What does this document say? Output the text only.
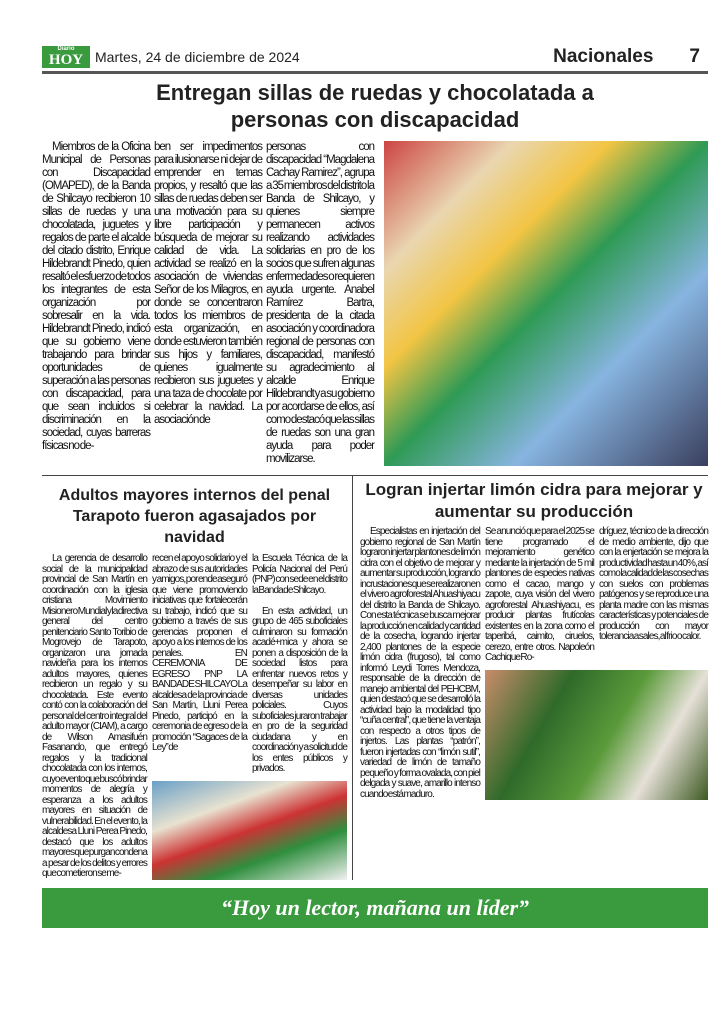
Diario
HOY Martes, 24 de diciembre de 2024	Nacionales 7
Entregan sillas de ruedas y chocolatada a personas con discapacidad

Miembros de la Oficina Municipal de Personas con Discapacidad (OMAPED), de la Banda de Shilcayo recibieron 10 sillas de ruedas y una chocolatada, juguetes y regalos de parte el alcalde del citado distrito, Enrique Hildebrandt Pinedo, quien resaltó el esfuerzo de todos los integrantes de esta organización por sobresalir en la vida. Hildebrandt Pinedo, indicó que su gobierno viene trabajando para brindar oportunidades de superación a las personas con discapacidad, para que sean incluidos si discriminación en la sociedad, cuyas barreras físicas no de-

ben ser impedimentos para ilusionarse ni dejar de emprender en temas propios, y resaltó que las sillas de ruedas deben ser una motivación para su libre participación y búsqueda de mejorar su calidad de vida. La actividad se realizó en la asociación de viviendas Señor de los Milagros, en donde se concentraron todos los miembros de esta organización, en donde estuvieron también sus hijos y familiares, quienes igualmente recibieron sus juguetes y una taza de chocolate por celebrar la navidad. La asociación de

personas con discapacidad “Magdalena Cachay Ramirez”, agrupa a 35 miembros del distrito la Banda de Shilcayo, y quienes siempre permanecen activos realizando actividades solidarias en pro de los socios que sufren algunas enfermedades o requieren ayuda urgente. Anabel Ramírez Bartra, presidenta de la citada asociación y coordinadora regional de personas con discapacidad, manifestó su agradecimiento al alcalde Enrique Hildebrandt y a su gobierno por acordarse de ellos, así como destacó que las sillas de ruedas son una gran ayuda para poder movilizarse.

Adultos mayores internos del penal Tarapoto fueron agasajados por navidad

La gerencia de desarrollo social de la municipalidad provincial de San Martín en coordinación con la iglesia cristiana Movimiento Misionero Mundial y la directiva general del centro penitenciario Santo Toribio de Mogrovejo de Tarapoto, organizaron una jornada navideña para los internos adultos mayores, quienes recibieron un regalo y su chocolatada. Este evento contó con la colaboración del personal del centro integral del adulto mayor (CIAM), a cargo de Wilson Amasifuén Fasanando, que entregó regalos y la tradicional chocolatada con los internos, cuyo evento que buscó brindar momentos de alegría y esperanza a los adultos mayores en situación de vulnerabilidad. En el evento, la alcaldesa Lluni Perea Pinedo, destacó que los adultos mayores que purgan condena a pesar de los delitos y errores que cometieron se me-

recen el apoyo solidario y el abrazo de sus autoridades y amigos, por ende aseguró que viene promoviendo iniciativas que fortalecerán su trabajo, indicó que su gobierno a través de sus gerencias proponen el apoyo a los internos de los penales. EN CEREMONIA DE EGRESO PNP LA BANDA DE SHILCAYO La alcaldesa de la provincia de San Martín, Lluni Perea Pinedo, participó en la ceremonia de egreso de la promoción “Sagaces de la Ley” de

la Escuela Técnica de la Policía Nacional del Perú (PNP) con sede en el distrito la Banda de Shilcayo.

En esta actividad, un grupo de 465 suboficiales culminaron su formación acadé+mica y ahora se ponen a disposición de la sociedad listos para enfrentar nuevos retos y desempeñar su labor en diversas unidades policiales. Cuyos suboficiales juraron trabajar en pro de la seguridad ciudadana y en coordinación y a solicitud de los entes públicos y privados.

Logran injertar limón cidra para mejorar y aumentar su producción

Especialistas en injertación del gobierno regional de San Martín lograron injertar plantones de limón cidra con el objetivo de mejorar y aumentar su producción, logrando incrustaciones que se realizaron en el vivero agroforestal Ahuashiyacu del distrito la Banda de Shilcayo. Con esta técnica se busca mejorar la producción en calidad y cantidad de la cosecha, logrando injertar 2,400 plantones de la especie limón cidra (frugoso), tal como informó Leydi Torres Mendoza, responsable de la dirección de manejo ambiental del PEHCBM, quien destacó que se desarrolló la actividad bajo la modalidad tipo “cuña central”, que tiene la ventaja con respecto a otros tipos de injertos. Las plantas “patrón”, fueron injertadas con “limón sutil”, variedad de limón de tamaño pequeño y forma ovalada, con piel delgada y suave, amarillo intenso cuando está maduro.

Se anunció que para el 2025 se tiene programado el mejoramiento genético mediante la injertación de 5 mil plantones de especies nativas como el cacao, mango y zapote, cuya visión del vivero agroforestal Ahuashiyacu, es producir plantas frutícolas existentes en la zona como el taperibá, caimito, ciruelos, cerezo, entre otros. Napoleón Cachique Ro-

dríguez, técnico de la dirección de medio ambiente, dijo que con la enjertación se mejora la productividad hasta un 40%, así como la calidad de las cosechas con suelos con problemas patógenos y se reproduce una planta madre con las mismas características y potenciales de producción con mayor tolerancia a sales, al frio o calor.

“Hoy un lector, mañana un líder”
